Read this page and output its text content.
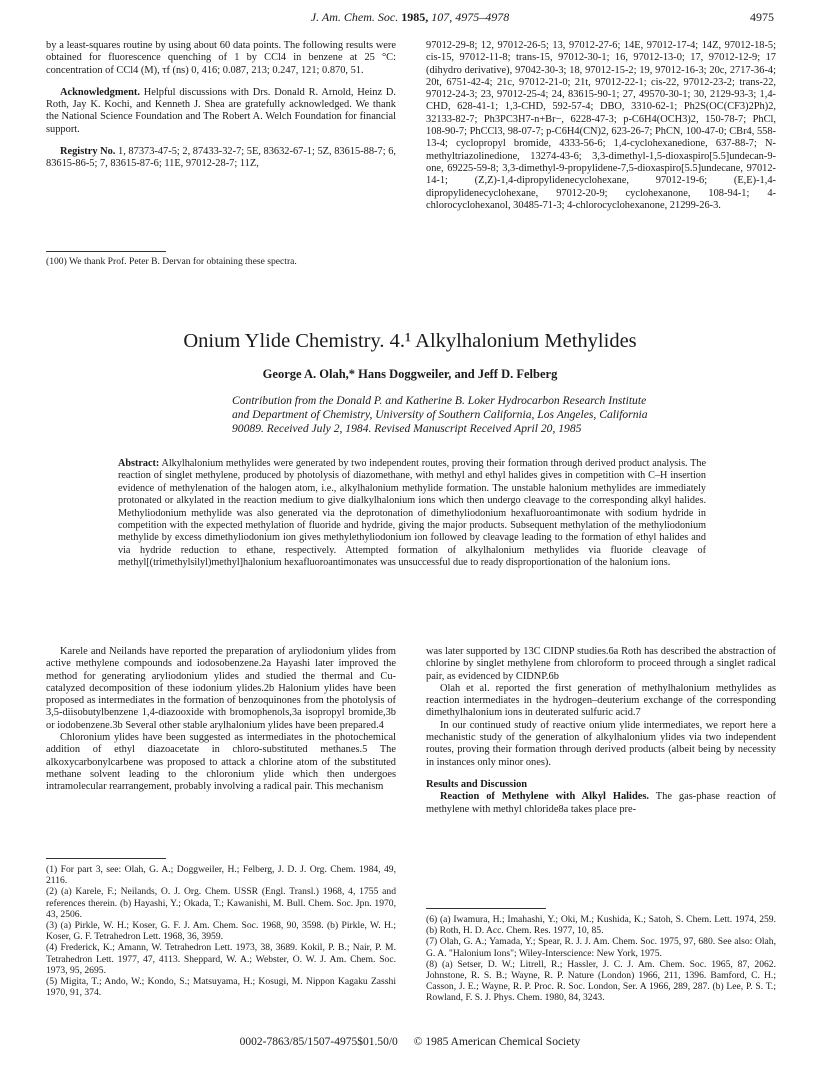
J. Am. Chem. Soc. 1985, 107, 4975–4978	4975

by a least-squares routine by using about 60 data points. The following results were obtained for fluorescence quenching of 1 by CCl4 in benzene at 25 °C: concentration of CCl4 (M), τf (ns) 0, 416; 0.087, 213; 0.247, 121; 0.870, 51.

Acknowledgment. Helpful discussions with Drs. Donald R. Arnold, Heinz D. Roth, Jay K. Kochi, and Kenneth J. Shea are gratefully acknowledged. We thank the National Science Foundation and The Robert A. Welch Foundation for financial support.

Registry No. 1, 87373-47-5; 2, 87433-32-7; 5E, 83632-67-1; 5Z, 83615-88-7; 6, 83615-86-5; 7, 83615-87-6; 11E, 97012-28-7; 11Z,

(100) We thank Prof. Peter B. Dervan for obtaining these spectra.
97012-29-8; 12, 97012-26-5; 13, 97012-27-6; 14E, 97012-17-4; 14Z, 97012-18-5; cis-15, 97012-11-8; trans-15, 97012-30-1; 16, 97012-13-0; 17, 97012-12-9; 17 (dihydro derivative), 97042-30-3; 18, 97012-15-2; 19, 97012-16-3; 20c, 2717-36-4; 20t, 6751-42-4; 21c, 97012-21-0; 21t, 97012-22-1; cis-22, 97012-23-2; trans-22, 97012-24-3; 23, 97012-25-4; 24, 83615-90-1; 27, 49570-30-1; 30, 2129-93-3; 1,4-CHD, 628-41-1; 1,3-CHD, 592-57-4; DBO, 3310-62-1; Ph2S(OC(CF3)2Ph)2, 32133-82-7; Ph3PC3H7-n+Br−, 6228-47-3; p-C6H4(OCH3)2, 150-78-7; PhCl, 108-90-7; PhCCl3, 98-07-7; p-C6H4(CN)2, 623-26-7; PhCN, 100-47-0; CBr4, 558-13-4; cyclopropyl bromide, 4333-56-6; 1,4-cyclohexanedione, 637-88-7; N-methyltriazolinedione, 13274-43-6; 3,3-dimethyl-1,5-dioxaspiro[5.5]undecan-9-one, 69225-59-8; 3,3-dimethyl-9-propylidene-7,5-dioxaspiro[5.5]undecane, 97012-14-1; (Z,Z)-1,4-dipropylidenecyclohexane, 97012-19-6; (E,E)-1,4-dipropylidenecyclohexane, 97012-20-9; cyclohexanone, 108-94-1; 4-chlorocyclohexanol, 30485-71-3; 4-chlorocyclohexanone, 21299-26-3.
Onium Ylide Chemistry. 4.¹ Alkylhalonium Methylides
George A. Olah,* Hans Doggweiler, and Jeff D. Felberg
Contribution from the Donald P. and Katherine B. Loker Hydrocarbon Research Institute and Department of Chemistry, University of Southern California, Los Angeles, California 90089. Received July 2, 1984. Revised Manuscript Received April 20, 1985
Abstract: Alkylhalonium methylides were generated by two independent routes, proving their formation through derived product analysis. The reaction of singlet methylene, produced by photolysis of diazomethane, with methyl and ethyl halides gives in competition with C–H insertion evidence of methylenation of the halogen atom, i.e., alkylhalonium methylide formation. The unstable halonium methylides are immediately protonated or alkylated in the reaction medium to give dialkylhalonium ions which then undergo cleavage to the corresponding alkyl halides. Methyliodonium methylide was also generated via the deprotonation of dimethyliodonium hexafluoroantimonate with sodium hydride in competition with the expected methylation of fluoride and hydride, giving the major products. Subsequent methylation of the methyliodonium methylide by excess dimethyliodonium ion gives methylethyliodonium ion followed by cleavage leading to the formation of ethyl halides and via hydride reduction to ethane, respectively. Attempted formation of alkylhalonium methylides via fluoride cleavage of methyl[(trimethylsilyl)methyl]halonium hexafluoroantimonates was unsuccessful due to ready disproportionation of the halonium ions.

Karele and Neilands have reported the preparation of aryliodonium ylides from active methylene compounds and iodosobenzene.2a Hayashi later improved the method for generating aryliodonium ylides and studied the thermal and Cu-catalyzed decomposition of these iodonium ylides.2b Halonium ylides have been proposed as intermediates in the formation of benzoquinones from the photolysis of 3,5-diisobutylbenzene 1,4-diazooxide with bromophenols,3a isopropyl bromide,3b or iodobenzene.3b Several other stable arylhalonium ylides have been prepared.4

Chloronium ylides have been suggested as intermediates in the photochemical addition of ethyl diazoacetate in chloro-substituted methanes.5 The alkoxycarbonylcarbene was proposed to attack a chlorine atom of the substituted methane solvent leading to the chloronium ylide which then undergoes intramolecular rearrangement, probably involving a radical pair. This mechanism

(1) For part 3, see: Olah, G. A.; Doggweiler, H.; Felberg, J. D. J. Org. Chem. 1984, 49, 2116.

(2) (a) Karele, F.; Neilands, O. J. Org. Chem. USSR (Engl. Transl.) 1968, 4, 1755 and references therein. (b) Hayashi, Y.; Okada, T.; Kawanishi, M. Bull. Chem. Soc. Jpn. 1970, 43, 2506.

(3) (a) Pirkle, W. H.; Koser, G. F. J. Am. Chem. Soc. 1968, 90, 3598. (b) Pirkle, W. H.; Koser, G. F. Tetrahedron Lett. 1968, 36, 3959.

(4) Frederick, K.; Amann, W. Tetrahedron Lett. 1973, 38, 3689. Kokil, P. B.; Nair, P. M. Tetrahedron Lett. 1977, 47, 4113. Sheppard, W. A.; Webster, O. W. J. Am. Chem. Soc. 1973, 95, 2695.

(5) Migita, T.; Ando, W.; Kondo, S.; Matsuyama, H.; Kosugi, M. Nippon Kagaku Zasshi 1970, 91, 374.

was later supported by 13C CIDNP studies.6a Roth has described the abstraction of chlorine by singlet methylene from chloroform to proceed through a singlet radical pair, as evidenced by CIDNP.6b

Olah et al. reported the first generation of methylhalonium methylides as reaction intermediates in the hydrogen–deuterium exchange of the corresponding dimethylhalonium ions in deuterated sulfuric acid.7

In our continued study of reactive onium ylide intermediates, we report here a mechanistic study of the generation of alkylhalonium ylides via two independent routes, proving their formation through derived products (albeit being by necessity in instances only minor ones).

Results and Discussion

Reaction of Methylene with Alkyl Halides. The gas-phase reaction of methylene with methyl chloride8a takes place pre-

(6) (a) Iwamura, H.; Imahashi, Y.; Oki, M.; Kushida, K.; Satoh, S. Chem. Lett. 1974, 259. (b) Roth, H. D. Acc. Chem. Res. 1977, 10, 85.

(7) Olah, G. A.; Yamada, Y.; Spear, R. J. J. Am. Chem. Soc. 1975, 97, 680. See also: Olah, G. A. "Halonium Ions"; Wiley-Interscience: New York, 1975.

(8) (a) Setser, D. W.; Litrell, R.; Hassler, J. C. J. Am. Chem. Soc. 1965, 87, 2062. Johnstone, R. S. B.; Wayne, R. P. Nature (London) 1966, 211, 1396. Bamford, C. H.; Casson, J. E.; Wayne, R. P. Proc. R. Soc. London, Ser. A 1966, 289, 287. (b) Lee, P. S. T.; Rowland, F. S. J. Phys. Chem. 1980, 84, 3243.

0002-7863/85/1507-4975$01.50/0 © 1985 American Chemical Society
